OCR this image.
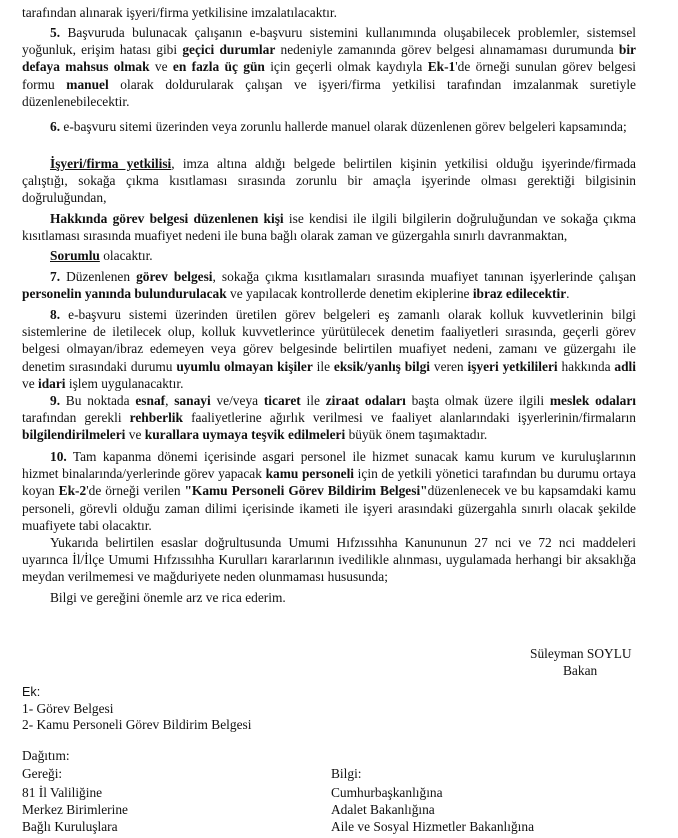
tarafından alınarak işyeri/firma yetkilisine imzalatılacaktır.

5. Başvuruda bulunacak çalışanın e-başvuru sistemini kullanımında oluşabilecek problemler, sistemsel yoğunluk, erişim hatası gibi geçici durumlar nedeniyle zamanında görev belgesi alınamaması durumunda bir defaya mahsus olmak ve en fazla üç gün için geçerli olmak kaydıyla Ek-1'de örneği sunulan görev belgesi formu manuel olarak doldurularak çalışan ve işyeri/firma yetkilisi tarafından imzalanmak suretiyle düzenlenebilecektir.

6. e-başvuru sitemi üzerinden veya zorunlu hallerde manuel olarak düzenlenen görev belgeleri kapsamında;

İşyeri/firma yetkilisi, imza altına aldığı belgede belirtilen kişinin yetkilisi olduğu işyerinde/firmada çalıştığı, sokağa çıkma kısıtlaması sırasında zorunlu bir amaçla işyerinde olması gerektiği bilgisinin doğruluğundan,

Hakkında görev belgesi düzenlenen kişi ise kendisi ile ilgili bilgilerin doğruluğundan ve sokağa çıkma kısıtlaması sırasında muafiyet nedeni ile buna bağlı olarak zaman ve güzergahla sınırlı davranmaktan,

Sorumlu olacaktır.

7. Düzenlenen görev belgesi, sokağa çıkma kısıtlamaları sırasında muafiyet tanınan işyerlerinde çalışan personelin yanında bulundurulacak ve yapılacak kontrollerde denetim ekiplerine ibraz edilecektir.

8. e-başvuru sistemi üzerinden üretilen görev belgeleri eş zamanlı olarak kolluk kuvvetlerinin bilgi sistemlerine de iletilecek olup, kolluk kuvvetlerince yürütülecek denetim faaliyetleri sırasında, geçerli görev belgesi olmayan/ibraz edemeyen veya görev belgesinde belirtilen muafiyet nedeni, zamanı ve güzergahı ile denetim sırasındaki durumu uyumlu olmayan kişiler ile eksik/yanlış bilgi veren işyeri yetkilileri hakkında adli ve idari işlem uygulanacaktır.

9. Bu noktada esnaf, sanayi ve/veya ticaret ile ziraat odaları başta olmak üzere ilgili meslek odaları tarafından gerekli rehberlik faaliyetlerine ağırlık verilmesi ve faaliyet alanlarındaki işyerlerinin/firmaların bilgilendirilmeleri ve kurallara uymaya teşvik edilmeleri büyük önem taşımaktadır.

10. Tam kapanma dönemi içerisinde asgari personel ile hizmet sunacak kamu kurum ve kuruluşlarının hizmet binalarında/yerlerinde görev yapacak kamu personeli için de yetkili yönetici tarafından bu durumu ortaya koyan Ek-2'de örneği verilen "Kamu Personeli Görev Bildirim Belgesi"düzenlenecek ve bu kapsamdaki kamu personeli, görevli olduğu zaman dilimi içerisinde ikameti ile işyeri arasındaki güzergahla sınırlı olacak şekilde muafiyete tabi olacaktır.

Yukarıda belirtilen esaslar doğrultusunda Umumi Hıfzıssıhha Kanununun 27 nci ve 72 nci maddeleri uyarınca İl/İlçe Umumi Hıfzıssıhha Kurulları kararlarının ivedilikle alınması, uygulamada herhangi bir aksaklığa meydan verilmemesi ve mağduriyete neden olunmaması hususunda;

Bilgi ve gereğini önemle arz ve rica ederim.

Süleyman SOYLU
Bakan
Ek:
1- Görev Belgesi
2- Kamu Personeli Görev Bildirim Belgesi
Dağıtım:
Gereği:
81 İl Valiliğine
Merkez Birimlerine
Bağlı Kuruluşlara
Bilgi:
Cumhurbaşkanlığına
Adalet Bakanlığına
Aile ve Sosyal Hizmetler Bakanlığına
